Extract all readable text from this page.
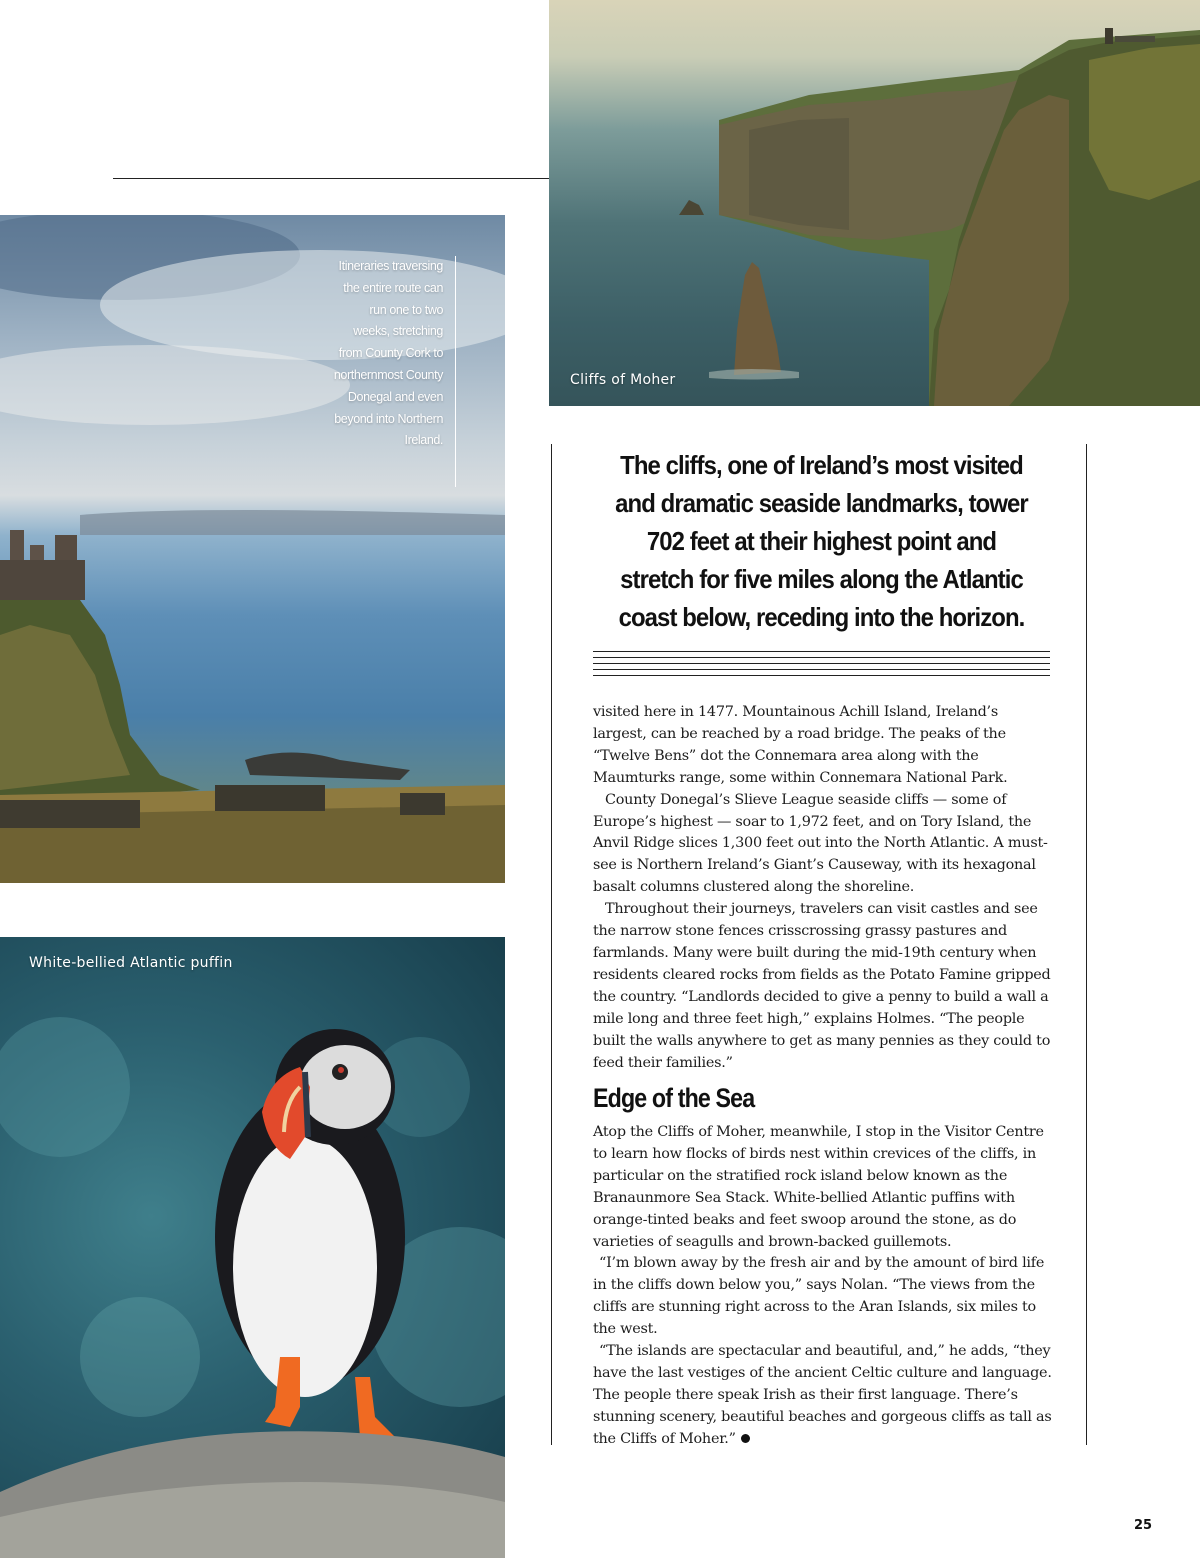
Cliffs of Moher
Itineraries traversing the entire route can run one to two weeks, stretching from County Cork to northernmost County Donegal and even beyond into Northern Ireland.
White-bellied Atlantic puffin
The cliffs, one of Ireland’s most visited and dramatic seaside landmarks, tower 702 feet at their highest point and stretch for five miles along the Atlantic coast below, receding into the horizon.

visited here in 1477. Mountainous Achill Island, Ireland’s largest, can be reached by a road bridge. The peaks of the “Twelve Bens” dot the Connemara area along with the Maumturks range, some within Connemara National Park.

County Donegal’s Slieve League seaside cliffs — some of Europe’s highest — soar to 1,972 feet, and on Tory Island, the Anvil Ridge slices 1,300 feet out into the North Atlantic. A must-see is Northern Ireland’s Giant’s Causeway, with its hexagonal basalt columns clustered along the shoreline.

Throughout their journeys, travelers can visit castles and see the narrow stone fences crisscrossing grassy pastures and farmlands. Many were built during the mid-19th century when residents cleared rocks from fields as the Potato Famine gripped the country. “Landlords decided to give a penny to build a wall a mile long and three feet high,” explains Holmes. “The people built the walls anywhere to get as many pennies as they could to feed their families.”

Edge of the Sea

Atop the Cliffs of Moher, meanwhile, I stop in the Visitor Centre to learn how flocks of birds nest within crevices of the cliffs, in particular on the stratified rock island below known as the Branaunmore Sea Stack. White-bellied Atlantic puffins with orange-tinted beaks and feet swoop around the stone, as do varieties of seagulls and brown-backed guillemots.

“I’m blown away by the fresh air and by the amount of bird life in the cliffs down below you,” says Nolan. “The views from the cliffs are stunning right across to the Aran Islands, six miles to the west.

“The islands are spectacular and beautiful, and,” he adds, “they have the last vestiges of the ancient Celtic culture and language. The people there speak Irish as their first language. There’s stunning scenery, beautiful beaches and gorgeous cliffs as tall as the Cliffs of Moher.”

25
